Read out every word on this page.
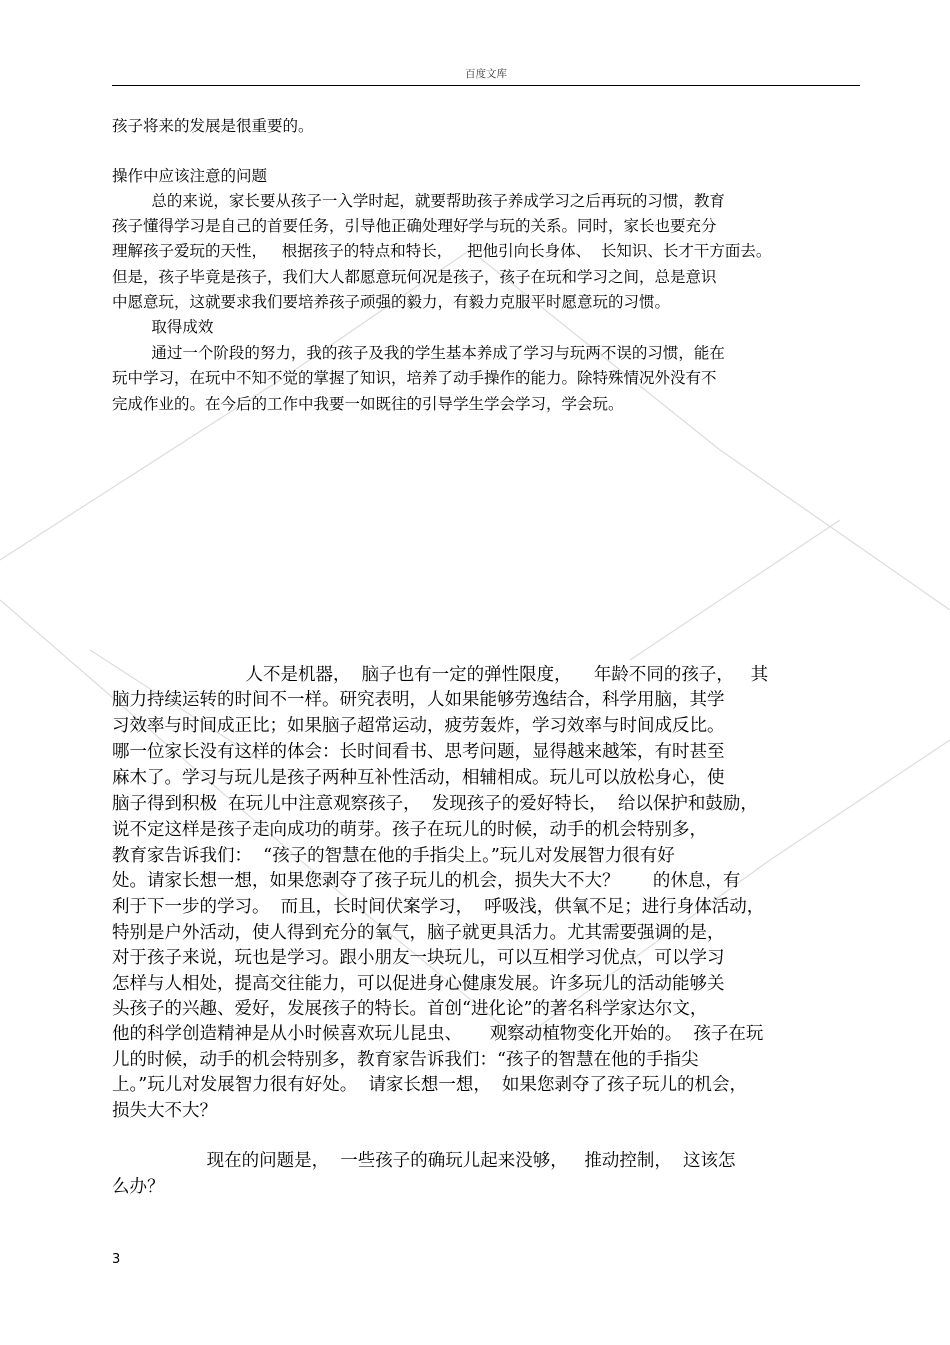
百度文库

孩子将来的发展是很重要的。

操作中应该注意的问题

总的来说，家长要从孩子一入学时起，就要帮助孩子养成学习之后再玩的习惯，教育

孩子懂得学习是自己的首要任务，引导他正确处理好学与玩的关系。同时，家长也要充分

理解孩子爱玩的天性，   根据孩子的特点和特长，   把他引向长身体、  长知识、长才干方面去。

但是，孩子毕竟是孩子，我们大人都愿意玩何况是孩子，孩子在玩和学习之间，总是意识

中愿意玩，这就要求我们要培养孩子顽强的毅力，有毅力克服平时愿意玩的习惯。

取得成效

通过一个阶段的努力，我的孩子及我的学生基本养成了学习与玩两不误的习惯，能在

玩中学习，在玩中不知不觉的掌握了知识，培养了动手操作的能力。除特殊情况外没有不

完成作业的。在今后的工作中我要一如既往的引导学生学会学习，学会玩。

人不是机器，  脑子也有一定的弹性限度，    年龄不同的孩子，   其

脑力持续运转的时间不一样。研究表明，人如果能够劳逸结合，科学用脑，其学

习效率与时间成正比；如果脑子超常运动，疲劳轰炸，学习效率与时间成反比。

哪一位家长没有这样的体会：长时间看书、思考问题，显得越来越笨，有时甚至

麻木了。学习与玩儿是孩子两种互补性活动，相辅相成。玩儿可以放松身心，使

脑子得到积极  在玩儿中注意观察孩子，  发现孩子的爱好特长，  给以保护和鼓励，

说不定这样是孩子走向成功的萌芽。孩子在玩儿的时候，动手的机会特别多，

教育家告诉我们：  “孩子的智慧在他的手指尖上。”玩儿对发展智力很有好

处。请家长想一想，如果您剥夺了孩子玩儿的机会，损失大不大？      的休息，有

利于下一步的学习。  而且，长时间伏案学习，  呼吸浅，供氧不足；进行身体活动，

特别是户外活动，使人得到充分的氧气，脑子就更具活力。尤其需要强调的是，

对于孩子来说，玩也是学习。跟小朋友一块玩儿，可以互相学习优点，可以学习

怎样与人相处，提高交往能力，可以促进身心健康发展。许多玩儿的活动能够关

头孩子的兴趣、爱好，发展孩子的特长。首创“进化论”的著名科学家达尔文，

他的科学创造精神是从小时候喜欢玩儿昆虫、     观察动植物变化开始的。  孩子在玩

儿的时候，动手的机会特别多，教育家告诉我们：“孩子的智慧在他的手指尖

上。”玩儿对发展智力很有好处。  请家长想一想，  如果您剥夺了孩子玩儿的机会，

损失大不大？

现在的问题是，  一些孩子的确玩儿起来没够，   推动控制，  这该怎

么办？

3
